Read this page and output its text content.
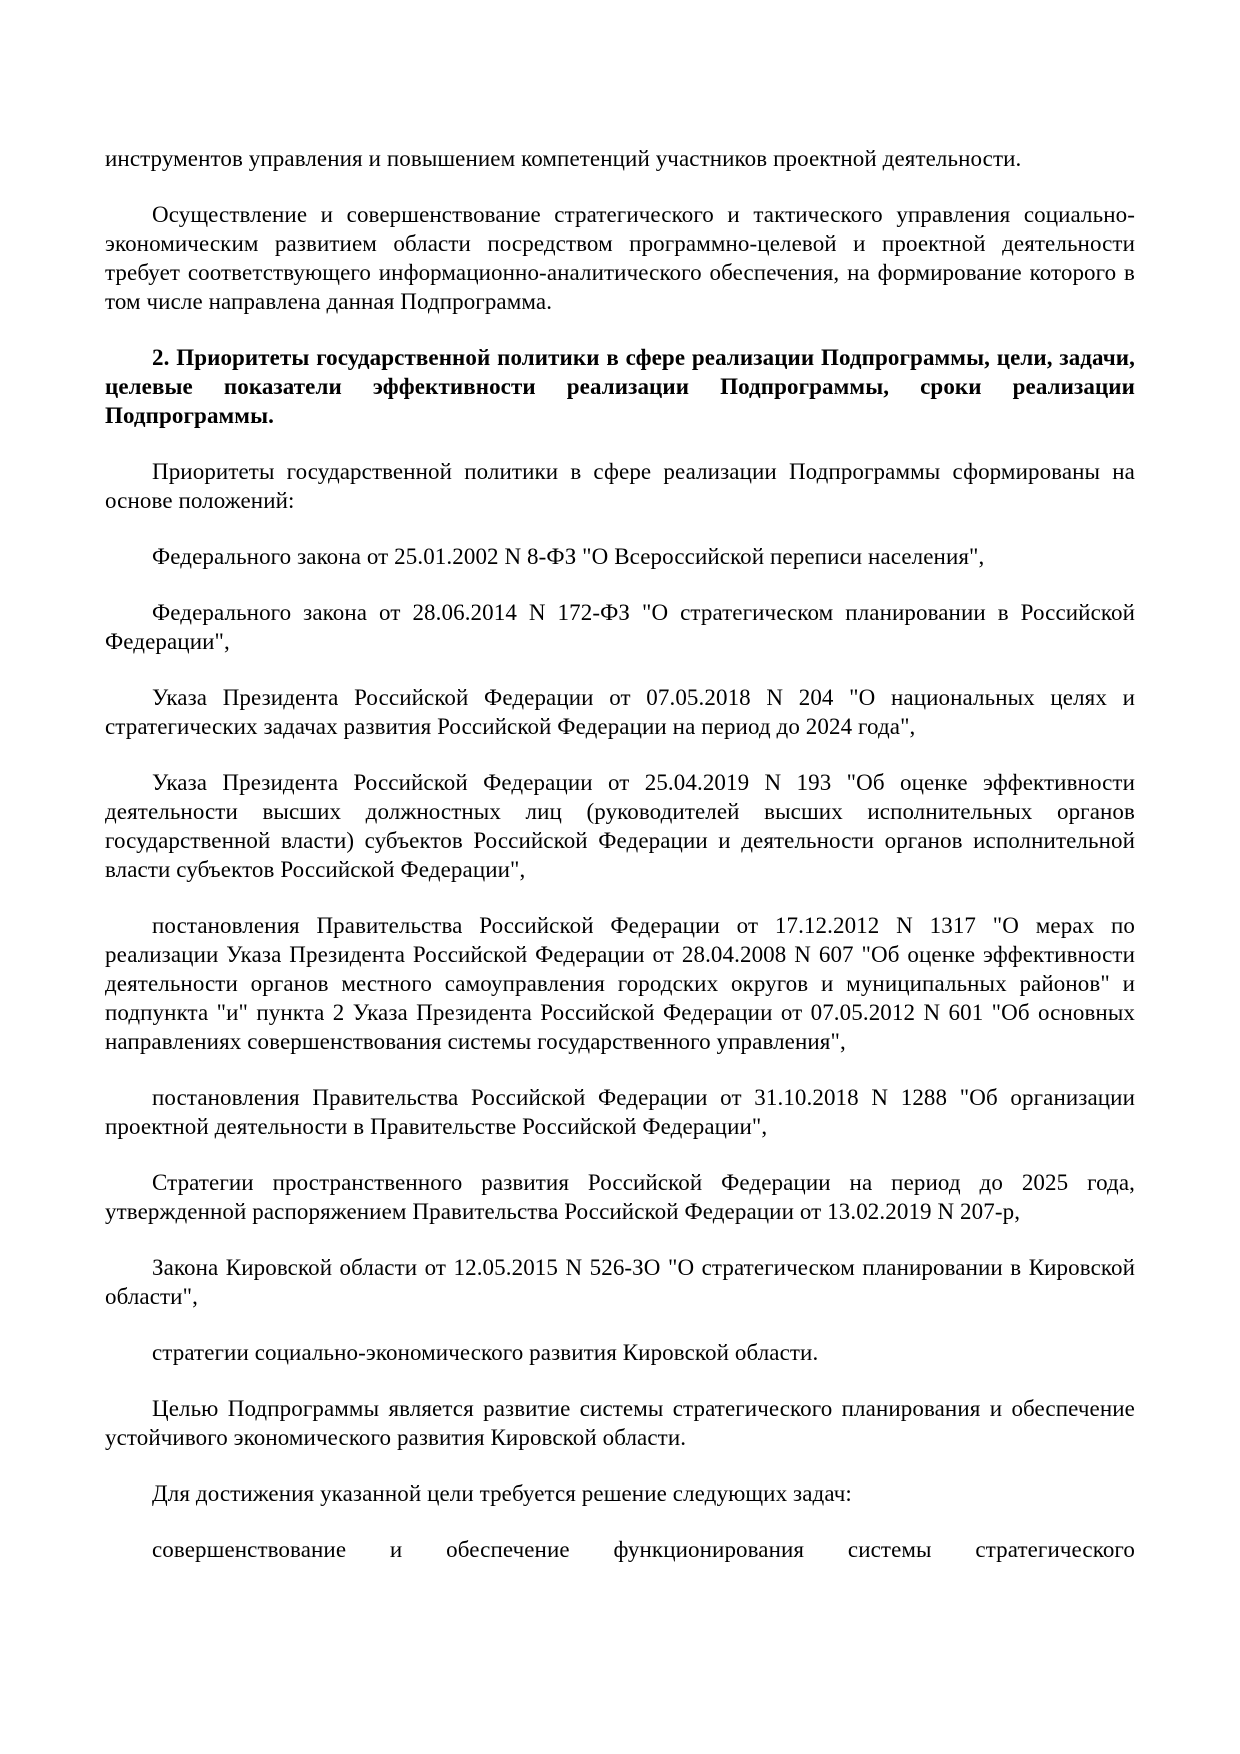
инструментов управления и повышением компетенций участников проектной деятельности.

Осуществление и совершенствование стратегического и тактического управления социально-экономическим развитием области посредством программно-целевой и проектной деятельности требует соответствующего информационно-аналитического обеспечения, на формирование которого в том числе направлена данная Подпрограмма.

2. Приоритеты государственной политики в сфере реализации Подпрограммы, цели, задачи, целевые показатели эффективности реализации Подпрограммы, сроки реализации Подпрограммы.

Приоритеты государственной политики в сфере реализации Подпрограммы сформированы на основе положений:

Федерального закона от 25.01.2002 N 8-ФЗ "О Всероссийской переписи населения",

Федерального закона от 28.06.2014 N 172-ФЗ "О стратегическом планировании в Российской Федерации",

Указа Президента Российской Федерации от 07.05.2018 N 204 "О национальных целях и стратегических задачах развития Российской Федерации на период до 2024 года",

Указа Президента Российской Федерации от 25.04.2019 N 193 "Об оценке эффективности деятельности высших должностных лиц (руководителей высших исполнительных органов государственной власти) субъектов Российской Федерации и деятельности органов исполнительной власти субъектов Российской Федерации",

постановления Правительства Российской Федерации от 17.12.2012 N 1317 "О мерах по реализации Указа Президента Российской Федерации от 28.04.2008 N 607 "Об оценке эффективности деятельности органов местного самоуправления городских округов и муниципальных районов" и подпункта "и" пункта 2 Указа Президента Российской Федерации от 07.05.2012 N 601 "Об основных направлениях совершенствования системы государственного управления",

постановления Правительства Российской Федерации от 31.10.2018 N 1288 "Об организации проектной деятельности в Правительстве Российской Федерации",

Стратегии пространственного развития Российской Федерации на период до 2025 года, утвержденной распоряжением Правительства Российской Федерации от 13.02.2019 N 207-р,

Закона Кировской области от 12.05.2015 N 526-ЗО "О стратегическом планировании в Кировской области",

стратегии социально-экономического развития Кировской области.

Целью Подпрограммы является развитие системы стратегического планирования и обеспечение устойчивого экономического развития Кировской области.

Для достижения указанной цели требуется решение следующих задач:

совершенствование и обеспечение функционирования системы стратегического
